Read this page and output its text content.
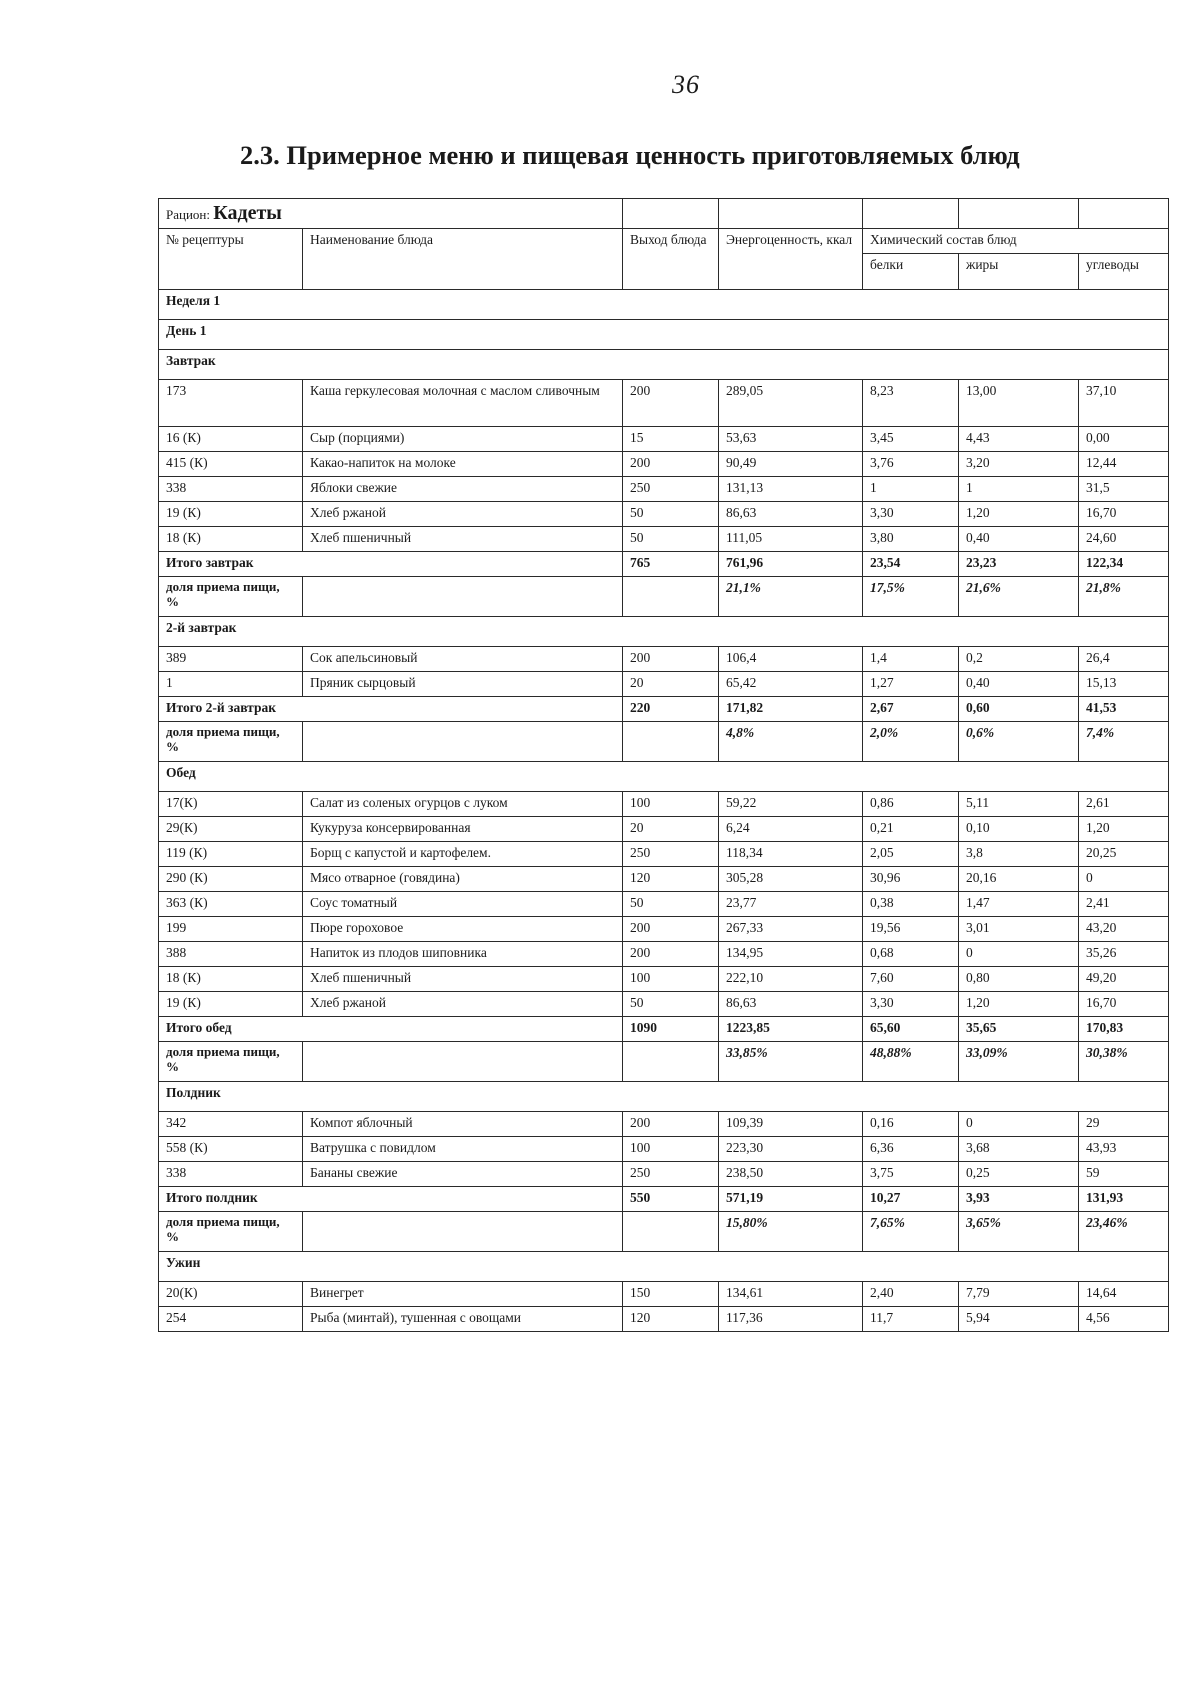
36
2.3. Примерное меню и пищевая ценность приготовляемых блюд
Рацион: Кадеты						
№ рецептуры	Наименование блюда	Выход блюда	Энергоценность, ккал	Химический состав блюд		
				белки	жиры	углеводы
Неделя 1						
День 1						
Завтрак						
173	Каша геркулесовая молочная с маслом сливочным	200	289,05	8,23	13,00	37,10
16 (К)	Сыр (порциями)	15	53,63	3,45	4,43	0,00
415 (К)	Какао-напиток на молоке	200	90,49	3,76	3,20	12,44
338	Яблоки свежие	250	131,13	1	1	31,5
19 (К)	Хлеб ржаной	50	86,63	3,30	1,20	16,70
18 (К)	Хлеб пшеничный	50	111,05	3,80	0,40	24,60
Итого завтрак		765	761,96	23,54	23,23	122,34
доля приема пищи, %			21,1%	17,5%	21,6%	21,8%
2-й завтрак						
389	Сок апельсиновый	200	106,4	1,4	0,2	26,4
1	Пряник сырцовый	20	65,42	1,27	0,40	15,13
Итого 2-й завтрак		220	171,82	2,67	0,60	41,53
доля приема пищи, %			4,8%	2,0%	0,6%	7,4%
Обед						
17(К)	Салат из соленых огурцов с луком	100	59,22	0,86	5,11	2,61
29(К)	Кукуруза консервированная	20	6,24	0,21	0,10	1,20
119 (К)	Борщ с капустой и картофелем.	250	118,34	2,05	3,8	20,25
290 (К)	Мясо отварное (говядина)	120	305,28	30,96	20,16	0
363 (К)	Соус томатный	50	23,77	0,38	1,47	2,41
199	Пюре гороховое	200	267,33	19,56	3,01	43,20
388	Напиток из плодов шиповника	200	134,95	0,68	0	35,26
18 (К)	Хлеб пшеничный	100	222,10	7,60	0,80	49,20
19 (К)	Хлеб ржаной	50	86,63	3,30	1,20	16,70
Итого обед		1090	1223,85	65,60	35,65	170,83
доля приема пищи, %			33,85%	48,88%	33,09%	30,38%
Полдник						
342	Компот яблочный	200	109,39	0,16	0	29
558 (К)	Ватрушка с повидлом	100	223,30	6,36	3,68	43,93
338	Бананы свежие	250	238,50	3,75	0,25	59
Итого полдник		550	571,19	10,27	3,93	131,93
доля приема пищи, %			15,80%	7,65%	3,65%	23,46%
Ужин						
20(К)	Винегрет	150	134,61	2,40	7,79	14,64
254	Рыба (минтай), тушенная с овощами	120	117,36	11,7	5,94	4,56
